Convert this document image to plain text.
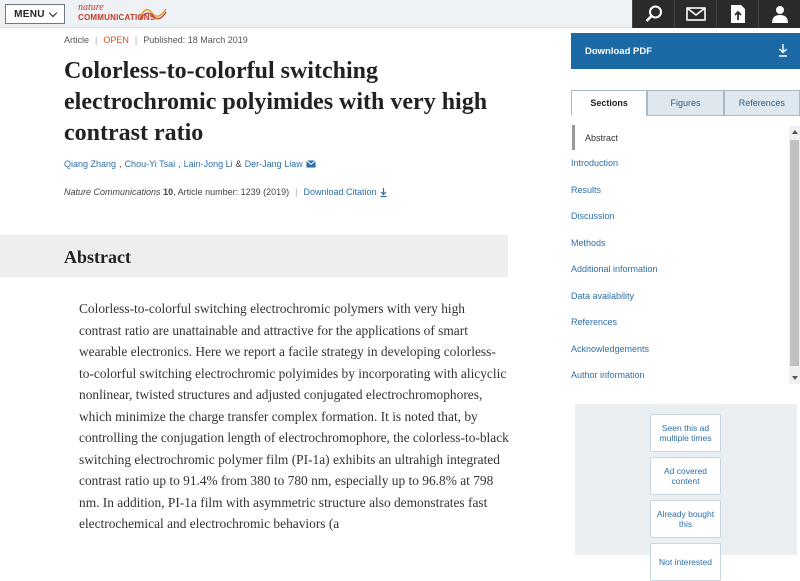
MENU
nature
COMMUNICATIONS
Article | OPEN | Published: 18 March 2019
Colorless-to-colorful switching electrochromic polyimides with very high contrast ratio
Qiang Zhang , Chou-Yi Tsai , Lain-Jong Li & Der-Jang Liaw
Nature Communications 10, Article number: 1239 (2019) | Download Citation
Abstract

Colorless-to-colorful switching electrochromic polymers with very high contrast ratio are unattainable and attractive for the applications of smart wearable electronics. Here we report a facile strategy in developing colorless-to-colorful switching electrochromic polyimides by incorporating with alicyclic nonlinear, twisted structures and adjusted conjugated electrochromophores, which minimize the charge transfer complex formation. It is noted that, by controlling the conjugation length of electrochromophore, the colorless-to-black switching electrochromic polymer film (PI-1a) exhibits an ultrahigh integrated contrast ratio up to 91.4% from 380 to 780 nm, especially up to 96.8% at 798 nm. In addition, PI-1a film with asymmetric structure also demonstrates fast electrochemical and electrochromic behaviors (a

Download PDF
Sections	Figures	References
Abstract
Introduction
Results
Discussion
Methods
Additional information
Data availability
References
Acknowledgements
Author information
Seen this ad multiple times
Ad covered content
Already bought this
Not interested
